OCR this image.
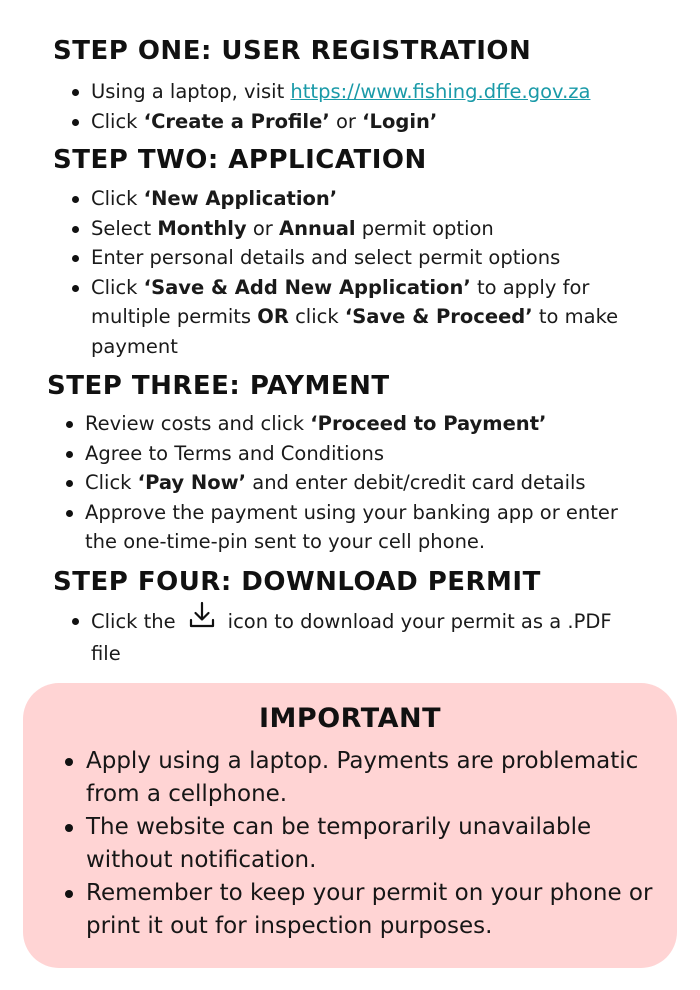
STEP ONE: USER REGISTRATION
Using a laptop, visit https://www.fishing.dffe.gov.za
Click ‘Create a Profile’ or ‘Login’
STEP TWO: APPLICATION
Click ‘New Application’
Select Monthly or Annual permit option
Enter personal details and select permit options
Click ‘Save & Add New Application’ to apply for multiple permits OR click ‘Save & Proceed’ to make payment
STEP THREE: PAYMENT
Review costs and click ‘Proceed to Payment’
Agree to Terms and Conditions
Click ‘Pay Now’ and enter debit/credit card details
Approve the payment using your banking app or enter the one-time-pin sent to your cell phone.
STEP FOUR: DOWNLOAD PERMIT
Click the	icon to download your permit as a .PDF file
IMPORTANT
Apply using a laptop. Payments are problematic from a cellphone.
The website can be temporarily unavailable without notification.
Remember to keep your permit on your phone or print it out for inspection purposes.
